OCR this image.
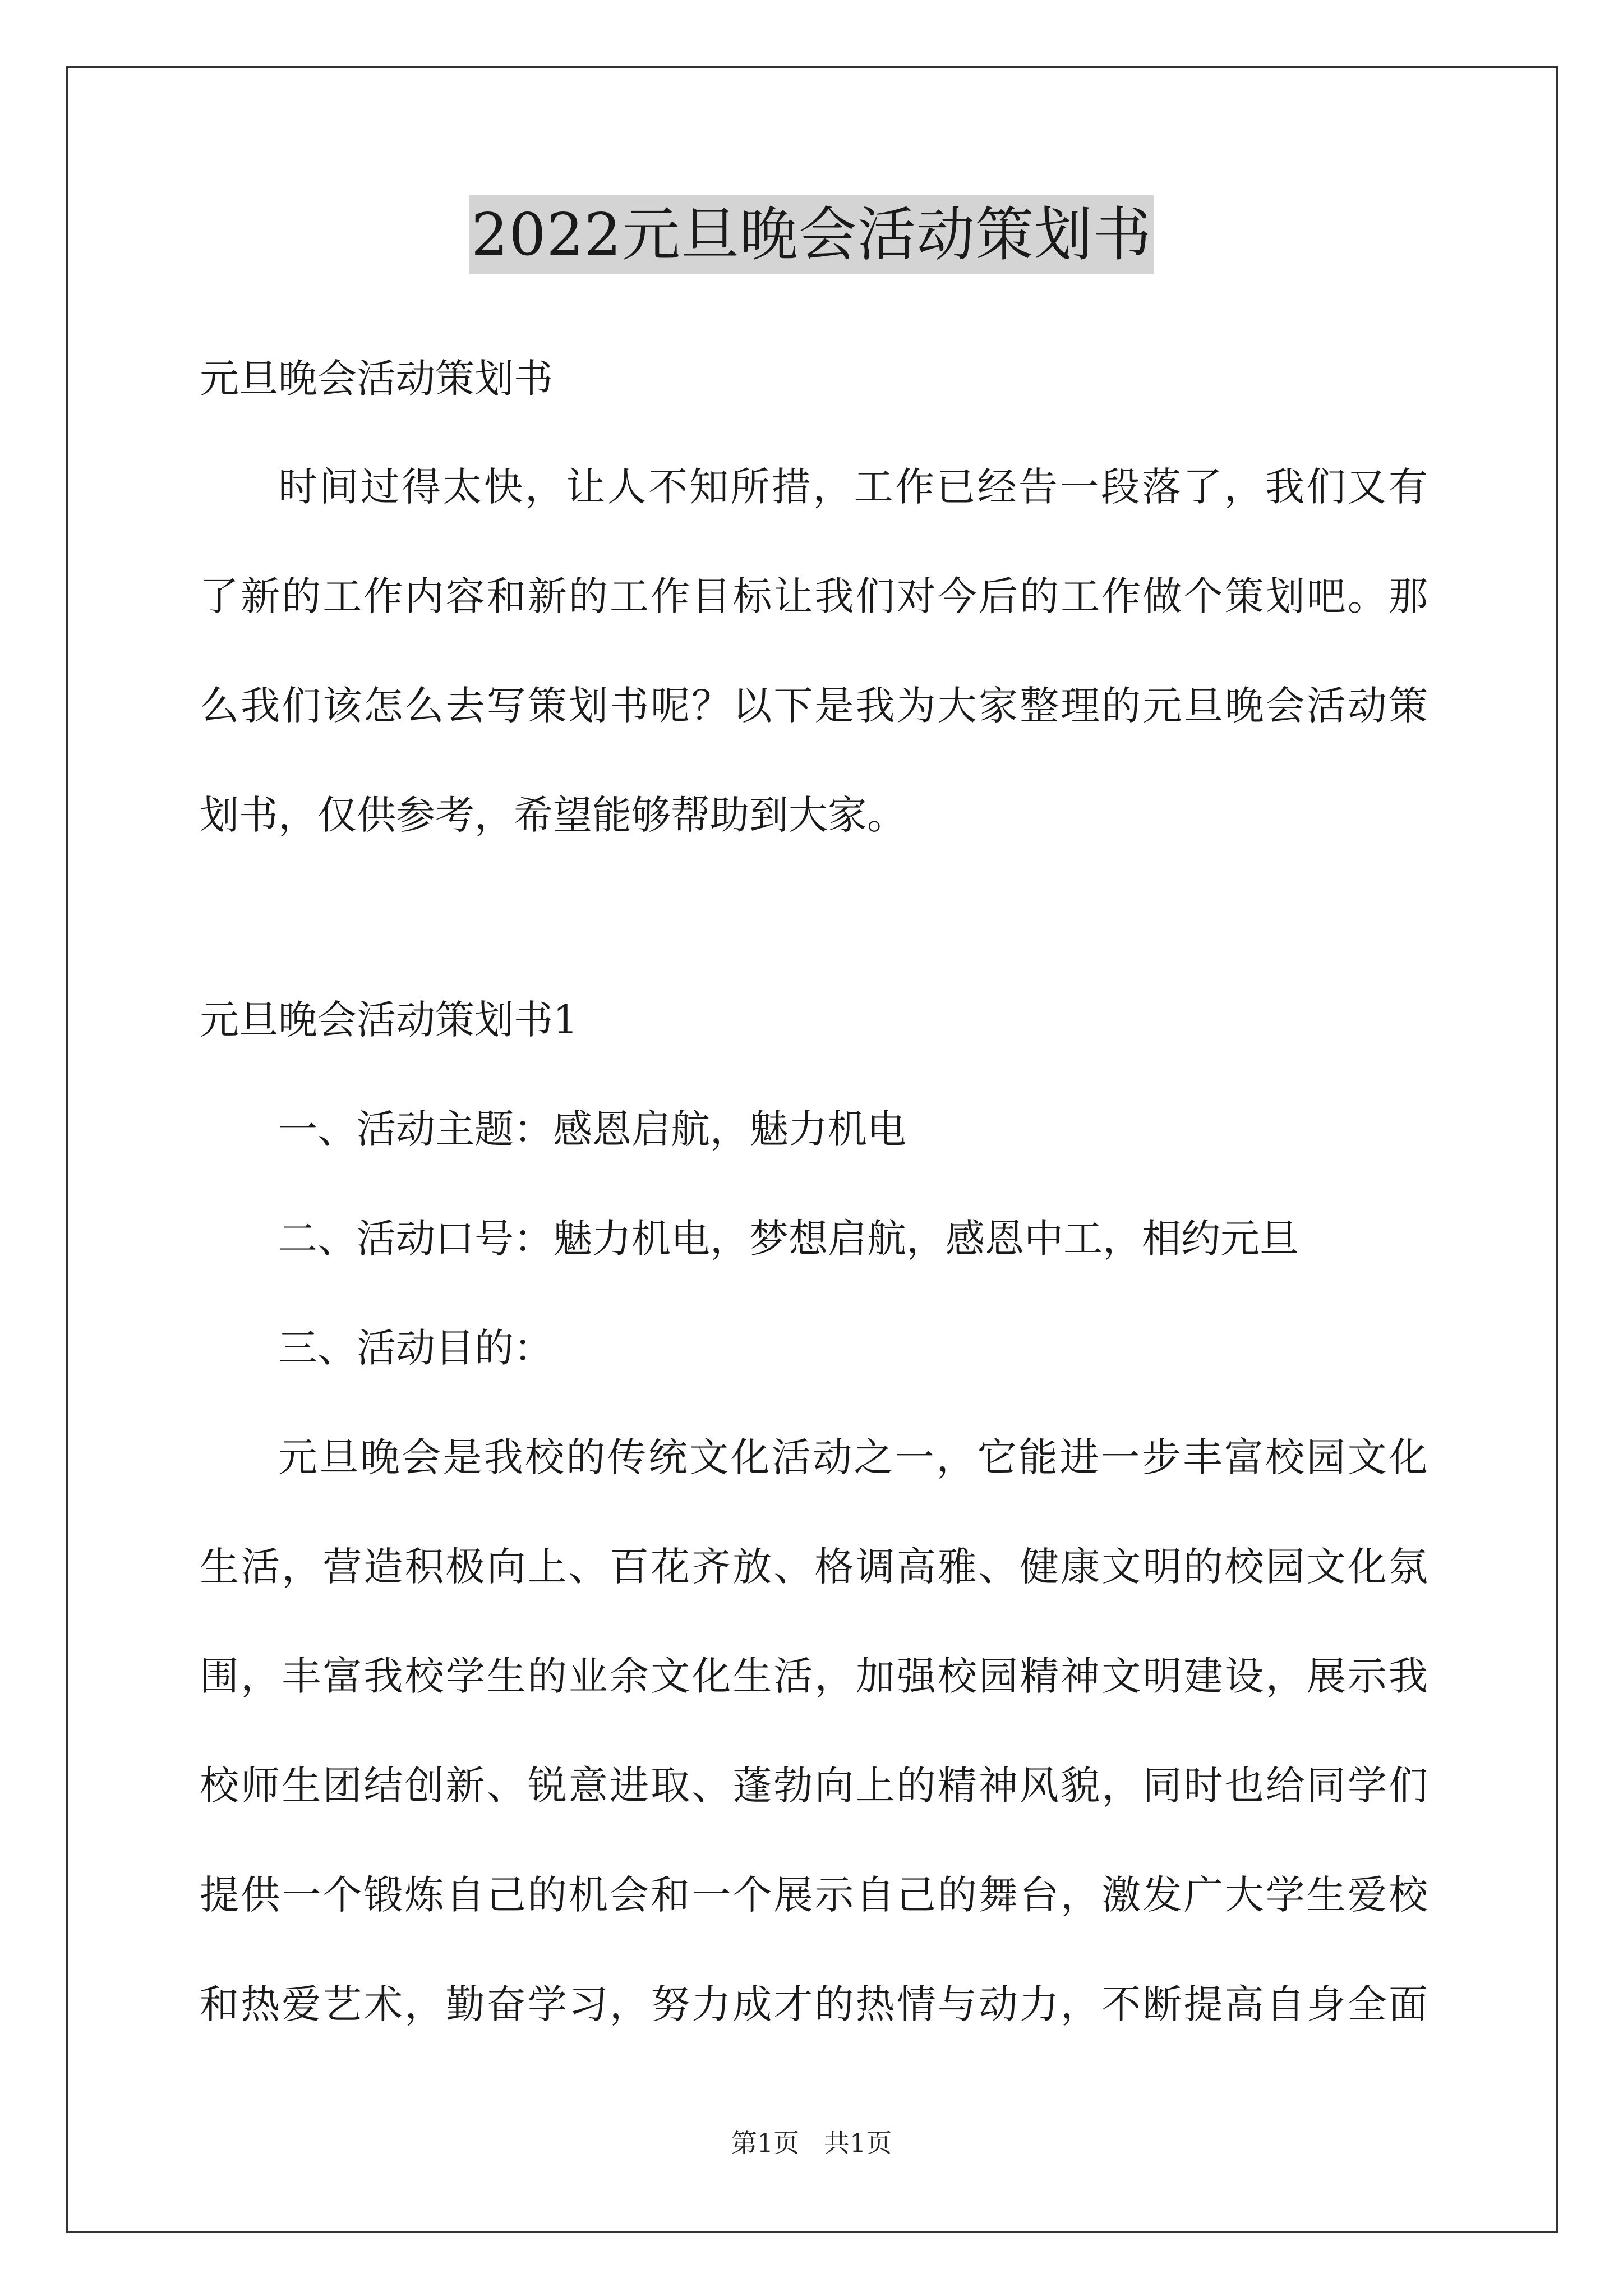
2022元旦晚会活动策划书
元旦晚会活动策划书
时间过得太快，让人不知所措，工作已经告一段落了，我们又有
了新的工作内容和新的工作目标让我们对今后的工作做个策划吧。那
么我们该怎么去写策划书呢？以下是我为大家整理的元旦晚会活动策
划书，仅供参考，希望能够帮助到大家。
元旦晚会活动策划书1
一、活动主题：感恩启航，魅力机电
二、活动口号：魅力机电，梦想启航，感恩中工，相约元旦
三、活动目的：
元旦晚会是我校的传统文化活动之一，它能进一步丰富校园文化
生活，营造积极向上、百花齐放、格调高雅、健康文明的校园文化氛
围，丰富我校学生的业余文化生活，加强校园精神文明建设，展示我
校师生团结创新、锐意进取、蓬勃向上的精神风貌，同时也给同学们
提供一个锻炼自己的机会和一个展示自己的舞台，激发广大学生爱校
和热爱艺术，勤奋学习，努力成才的热情与动力，不断提高自身全面
第1页 共1页
